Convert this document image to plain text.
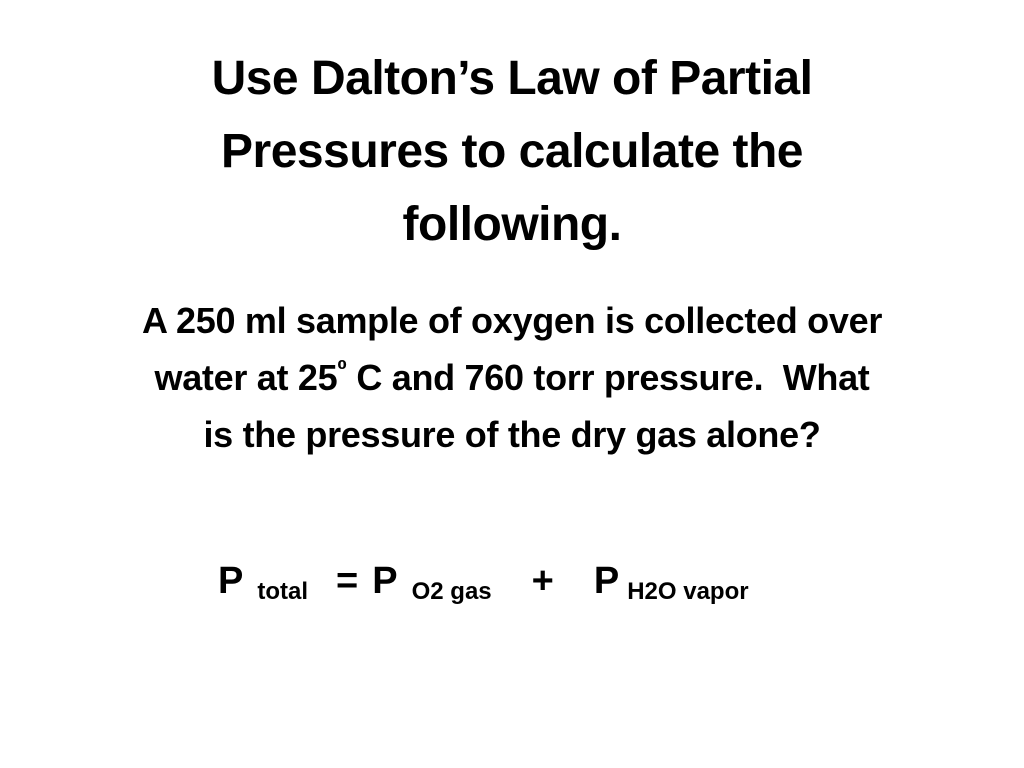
Use Dalton’s Law of Partial
Pressures to calculate the
following.
A 250 ml sample of oxygen is collected over
water at $25^{^0}$ C and 760 torr pressure.  What
is the pressure of the dry gas alone?
Ptotal = P O2 gas + P H2O vapor
